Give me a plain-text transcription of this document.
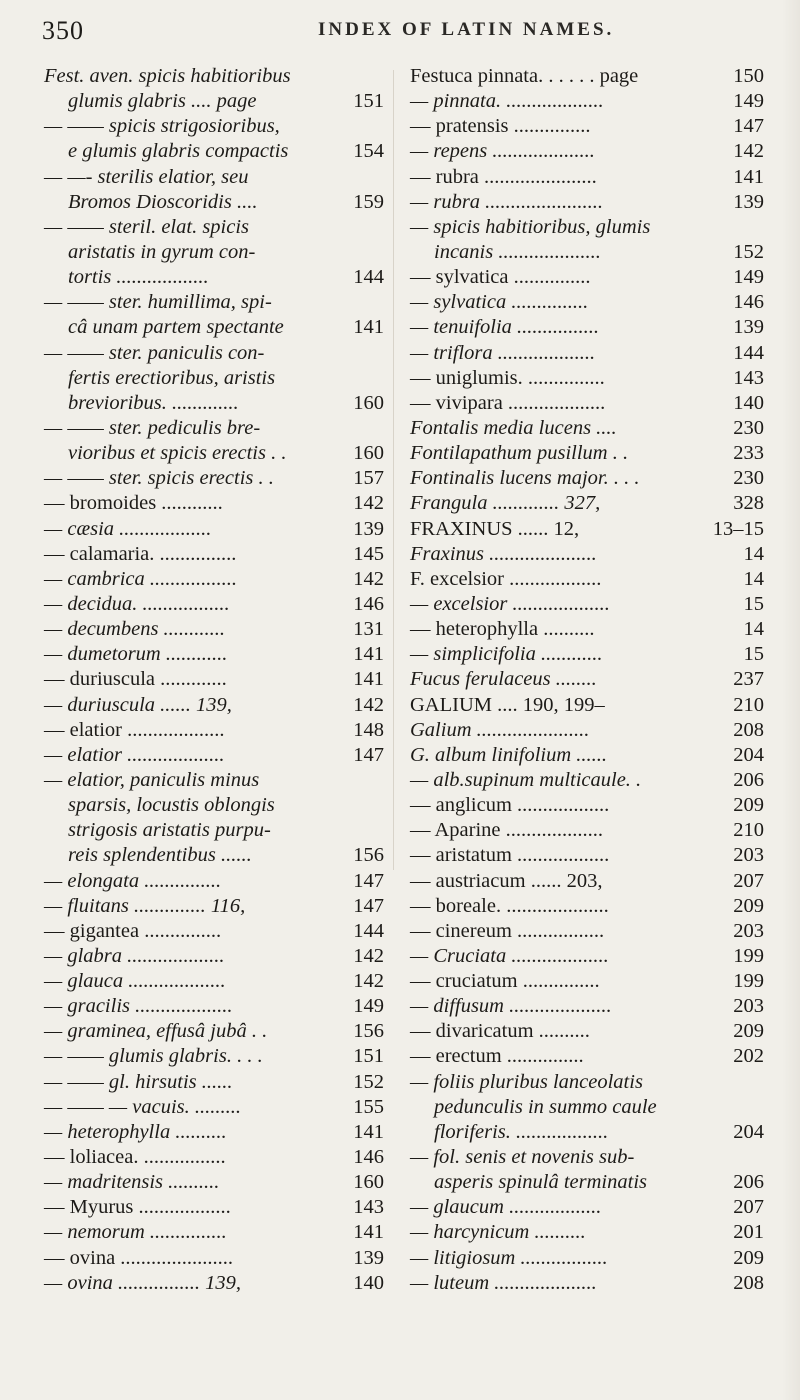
350	INDEX OF LATIN NAMES.
Fest. aven. spicis habitioribus
glumis glabris .... page	151
— —— spicis strigosioribus,
e glumis glabris compactis	154
— —- sterilis elatior, seu
Bromos Dioscoridis ....	159
— —— steril. elat. spicis
aristatis in gyrum con-
tortis ..................	144
— —— ster. humillima, spi-
câ unam partem spectante	141
— —— ster. paniculis con-
fertis erectioribus, aristis
brevioribus. .............	160
— —— ster. pediculis bre-
vioribus et spicis erectis . .	160
— —— ster. spicis erectis . .	157
— bromoides ............	142
— cæsia ..................	139
— calamaria. ...............	145
— cambrica .................	142
— decidua. .................	146
— decumbens ............	131
— dumetorum ............	141
— duriuscula .............	141
— duriuscula ...... 139,	142
— elatior ...................	148
— elatior ...................	147
— elatior, paniculis minus
sparsis, locustis oblongis
strigosis aristatis purpu-
reis splendentibus ......	156
— elongata ...............	147
— fluitans .............. 116,	147
— gigantea ...............	144
— glabra ...................	142
— glauca ...................	142
— gracilis ...................	149
— graminea, effusâ jubâ . .	156
— —— glumis glabris. . . .	151
— —— gl. hirsutis ......	152
— —— — vacuis. .........	155
— heterophylla ..........	141
— loliacea. ................	146
— madritensis ..........	160
— Myurus ..................	143
— nemorum ...............	141
— ovina ......................	139
— ovina ................ 139,	140
Festuca pinnata. . . . . . page	150
— pinnata. ...................	149
— pratensis ...............	147
— repens ....................	142
— rubra ......................	141
— rubra .......................	139
— spicis habitioribus, glumis
incanis ....................	152
— sylvatica ...............	149
— sylvatica ...............	146
— tenuifolia ................	139
— triflora ...................	144
— uniglumis. ...............	143
— vivipara ...................	140
Fontalis media lucens ....	230
Fontilapathum pusillum . .	233
Fontinalis lucens major. . . .	230
Frangula ............. 327,	328
FRAXINUS ...... 12,	13–15
Fraxinus .....................	14
F. excelsior ..................	14
— excelsior ...................	15
— heterophylla ..........	14
— simplicifolia ............	15
Fucus ferulaceus ........	237
GALIUM .... 190, 199–	210
Galium ......................	208
G. album linifolium ......	204
— alb.supinum multicaule. .	206
— anglicum ..................	209
— Aparine ...................	210
— aristatum ..................	203
— austriacum ...... 203,	207
— boreale. ....................	209
— cinereum .................	203
— Cruciata ...................	199
— cruciatum ...............	199
— diffusum ....................	203
— divaricatum ..........	209
— erectum ...............	202
— foliis pluribus lanceolatis
pedunculis in summo caule
floriferis. ..................	204
— fol. senis et novenis sub-
asperis spinulâ terminatis	206
— glaucum ..................	207
— harcynicum ..........	201
— litigiosum .................	209
— luteum ....................	208
